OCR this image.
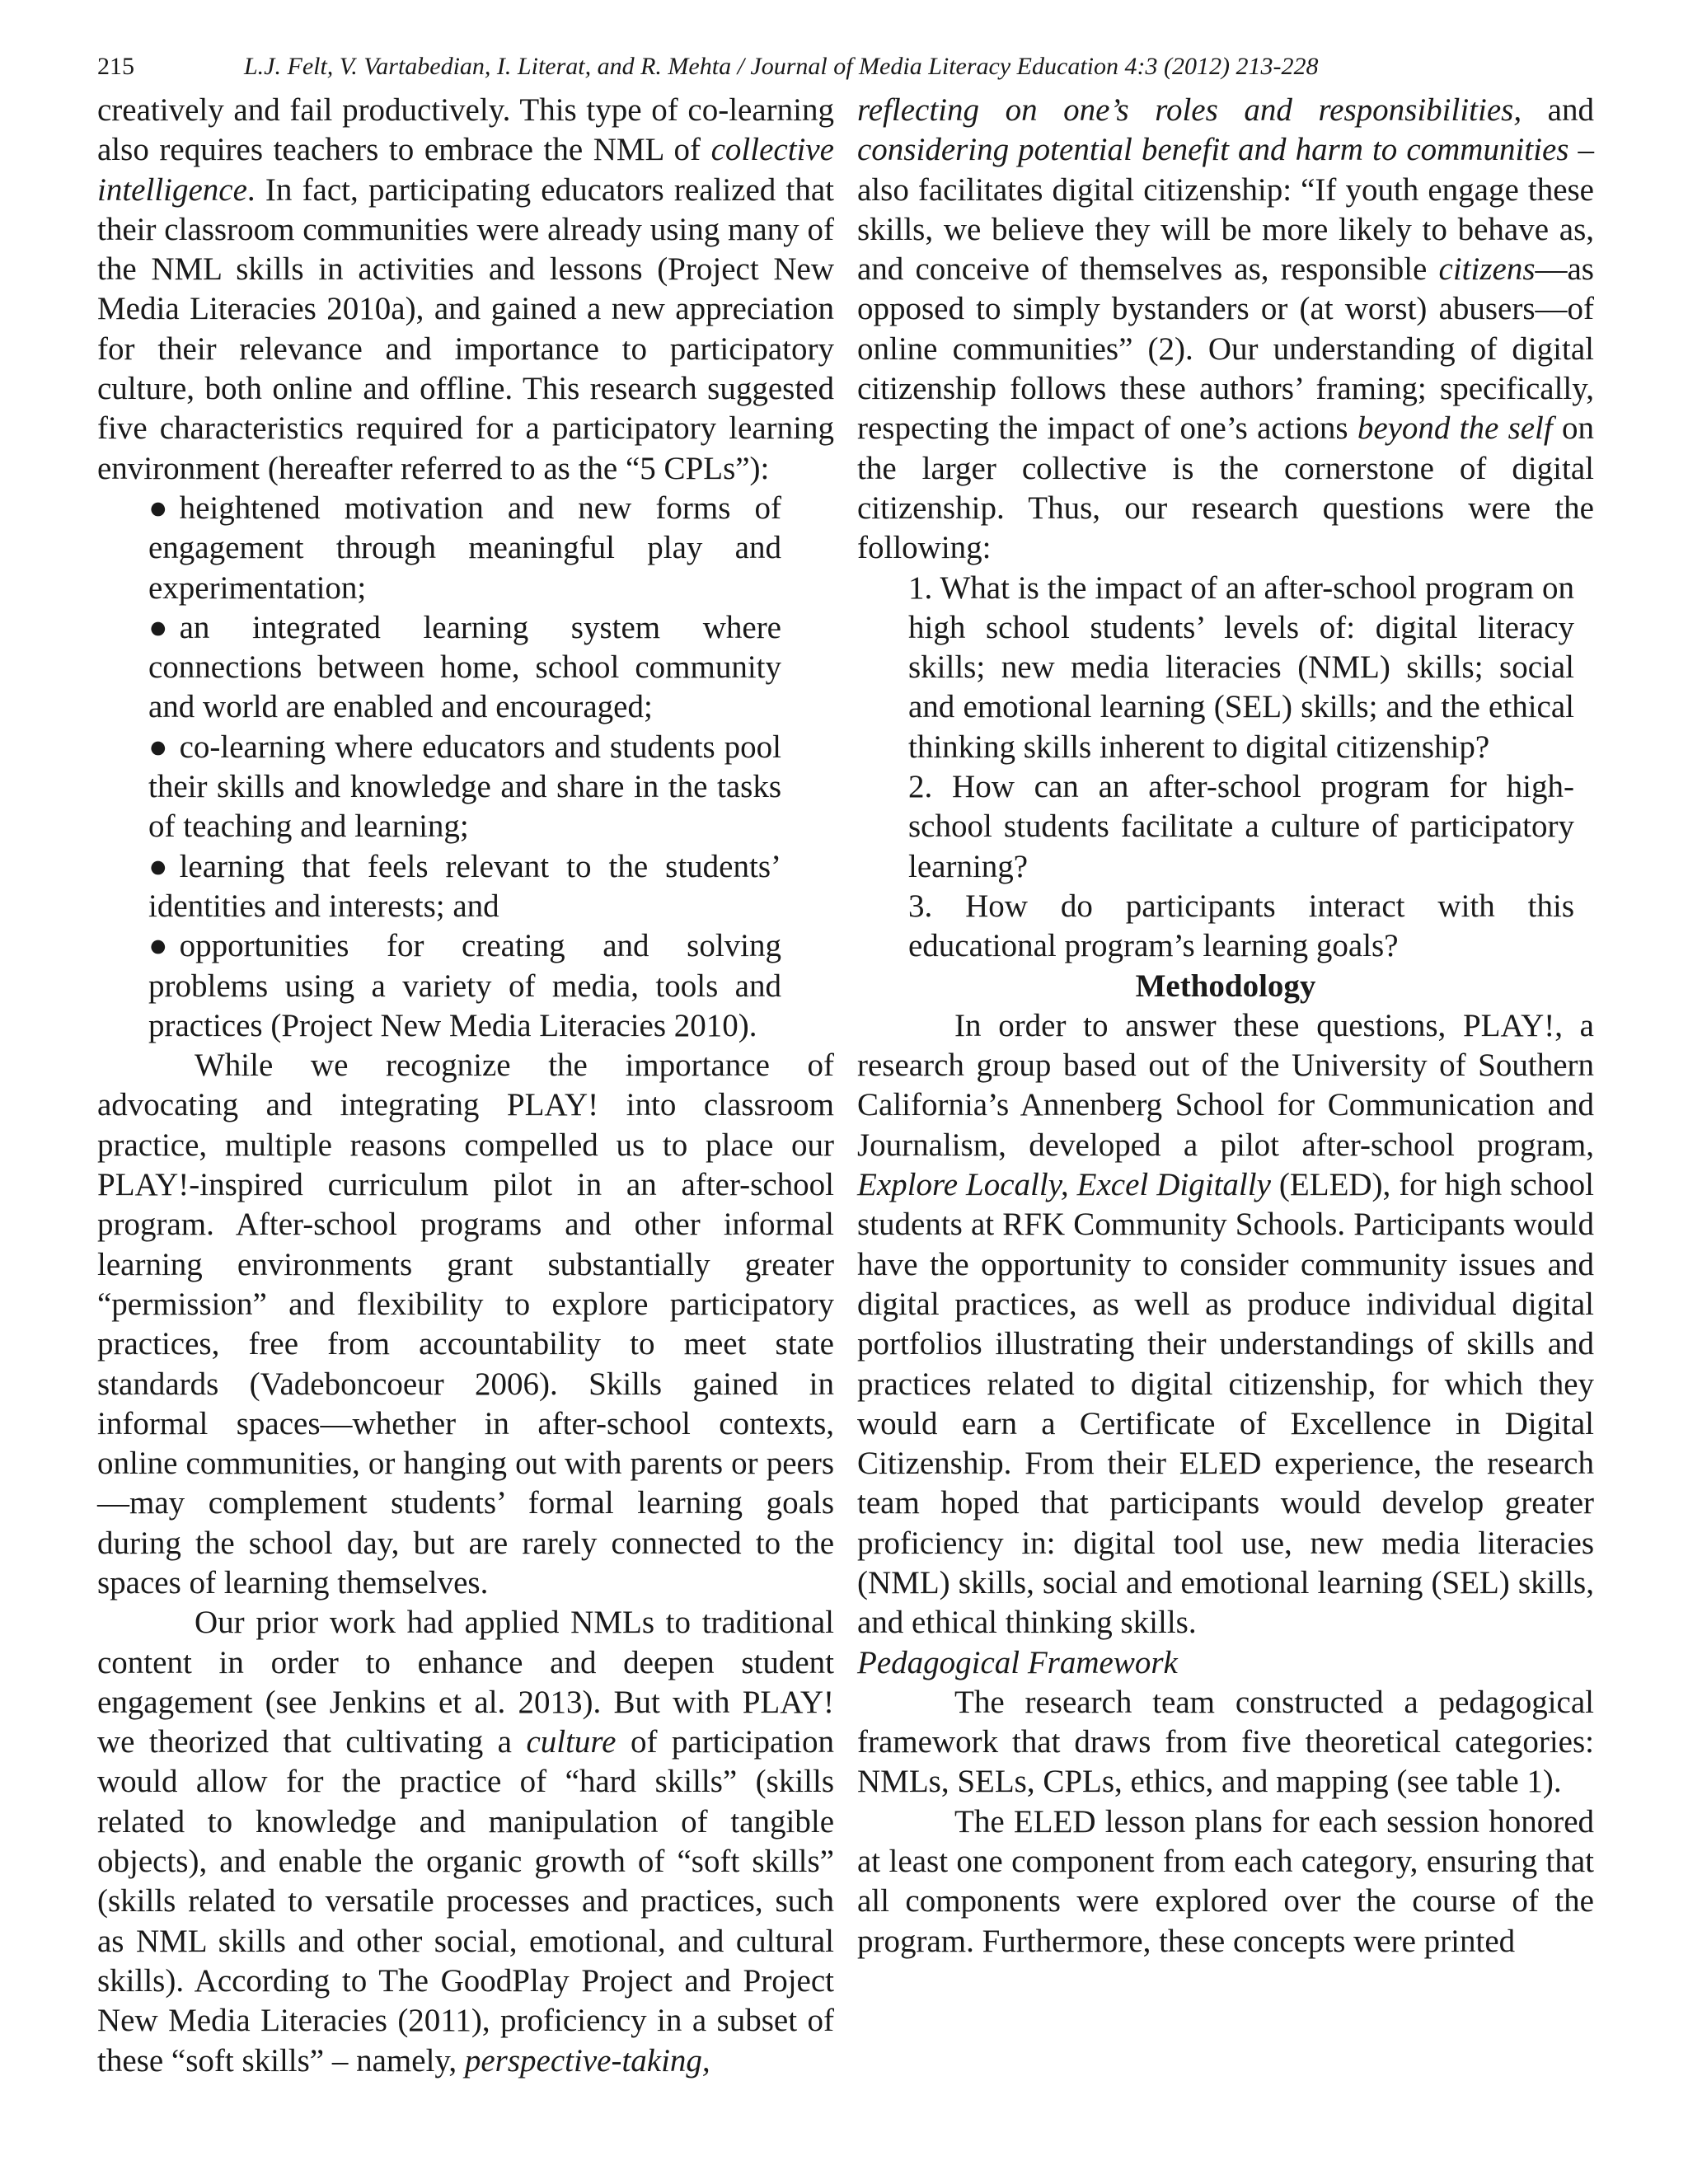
215	L.J. Felt, V. Vartabedian, I. Literat, and R. Mehta / Journal of Media Literacy Education 4:3 (2012) 213-228

creatively and fail productively. This type of co-learning also requires teachers to embrace the NML of collective intelligence. In fact, participating educators realized that their classroom communities were already using many of the NML skills in activities and lessons (Project New Media Literacies 2010a), and gained a new appreciation for their relevance and importance to participatory culture, both online and offline. This research suggested five characteristics required for a participatory learning environment (hereafter referred to as the “5 CPLs”):

● heightened motivation and new forms of engagement through meaningful play and experimentation;
● an integrated learning system where connections between home, school community and world are enabled and encouraged;
● co-learning where educators and students pool their skills and knowledge and share in the tasks of teaching and learning;
● learning that feels relevant to the students’ identities and interests; and
● opportunities for creating and solving problems using a variety of media, tools and practices (Project New Media Literacies 2010).

While we recognize the importance of advocating and integrating PLAY! into classroom practice, multiple reasons compelled us to place our PLAY!-inspired curriculum pilot in an after-school program. After-school programs and other informal learning environments grant substantially greater “permission” and flexibility to explore participatory practices, free from accountability to meet state standards (Vadeboncoeur 2006). Skills gained in informal spaces—whether in after-school contexts, online communities, or hanging out with parents or peers—may complement students’ formal learning goals during the school day, but are rarely connected to the spaces of learning themselves.

Our prior work had applied NMLs to traditional content in order to enhance and deepen student engagement (see Jenkins et al. 2013). But with PLAY! we theorized that cultivating a culture of participation would allow for the practice of “hard skills” (skills related to knowledge and manipulation of tangible objects), and enable the organic growth of “soft skills” (skills related to versatile processes and practices, such as NML skills and other social, emotional, and cultural skills). According to The GoodPlay Project and Project New Media Literacies (2011), proficiency in a subset of these “soft skills” – namely, perspective-taking,

reflecting on one’s roles and responsibilities, and considering potential benefit and harm to communities – also facilitates digital citizenship: “If youth engage these skills, we believe they will be more likely to behave as, and conceive of themselves as, responsible citizens—as opposed to simply bystanders or (at worst) abusers—of online communities” (2). Our understanding of digital citizenship follows these authors’ framing; specifically, respecting the impact of one’s actions beyond the self on the larger collective is the cornerstone of digital citizenship. Thus, our research questions were the following:

1. What is the impact of an after-school program on high school students’ levels of: digital literacy skills; new media literacies (NML) skills; social and emotional learning (SEL) skills; and the ethical thinking skills inherent to digital citizenship?
2. How can an after-school program for high-school students facilitate a culture of participatory learning?
3. How do participants interact with this educational program’s learning goals?

Methodology

In order to answer these questions, PLAY!, a research group based out of the University of Southern California’s Annenberg School for Communication and Journalism, developed a pilot after-school program, Explore Locally, Excel Digitally (ELED), for high school students at RFK Community Schools. Participants would have the opportunity to consider community issues and digital practices, as well as produce individual digital portfolios illustrating their understandings of skills and practices related to digital citizenship, for which they would earn a Certificate of Excellence in Digital Citizenship. From their ELED experience, the research team hoped that participants would develop greater proficiency in: digital tool use, new media literacies (NML) skills, social and emotional learning (SEL) skills, and ethical thinking skills.

Pedagogical Framework

The research team constructed a pedagogical framework that draws from five theoretical categories: NMLs, SELs, CPLs, ethics, and mapping (see table 1).

The ELED lesson plans for each session honored at least one component from each category, ensuring that all components were explored over the course of the program. Furthermore, these concepts were printed
